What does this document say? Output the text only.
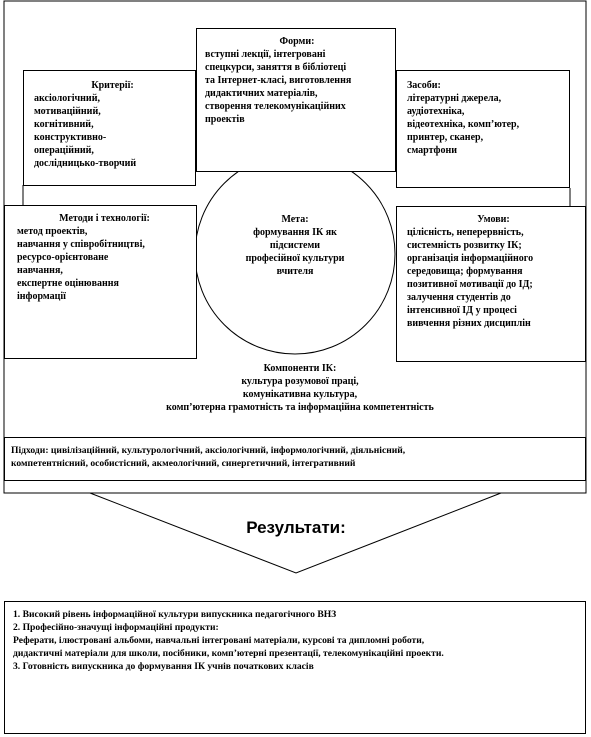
Форми:
вступні лекції, інтегровані
спецкурси, заняття в бібліотеці
та Інтернет-класі, виготовлення
дидактичних матеріалів,
створення телекомунікаційних
проектів
Критерії:
аксіологічний,
мотиваційний,
когнітивний,
конструктивно-
операційний,
дослідницько-творчий
Засоби:
літературні джерела,
аудіотехніка,
відеотехніка, комп’ютер,
принтер, сканер,
смартфони
Методи і технології:
метод проектів,
навчання у співробітництві,
ресурсо-орієнтоване
навчання,
експертне оцінювання
інформації
Умови:
цілісність, неперервність,
системність розвитку ІК;
організація інформаційного
середовища; формування
позитивної мотивації до ІД;
залучення студентів до
інтенсивної ІД у процесі
вивчення різних дисциплін
Мета:
формування ІК як
підсистеми
професійної культури
вчителя
Компоненти ІК:
культура розумової праці,
комунікативна культура,
комп’ютерна грамотність та інформаційна компетентність
Підходи: цивілізаційний, культурологічний, аксіологічний, інформологічний, діяльнісний,
компетентнісний, особистісний, акмеологічний, синергетичний, інтегративний
Результати:
1. Високий рівень інформаційної культури випускника педагогічного ВНЗ
2. Професійно-значущі інформаційні продукти:
Реферати, ілюстровані альбоми, навчальні інтегровані матеріали, курсові та дипломні роботи,
дидактичні матеріали для школи, посібники, комп’ютерні презентації, телекомунікаційні проекти.
3. Готовність випускника до формування ІК учнів початкових класів
